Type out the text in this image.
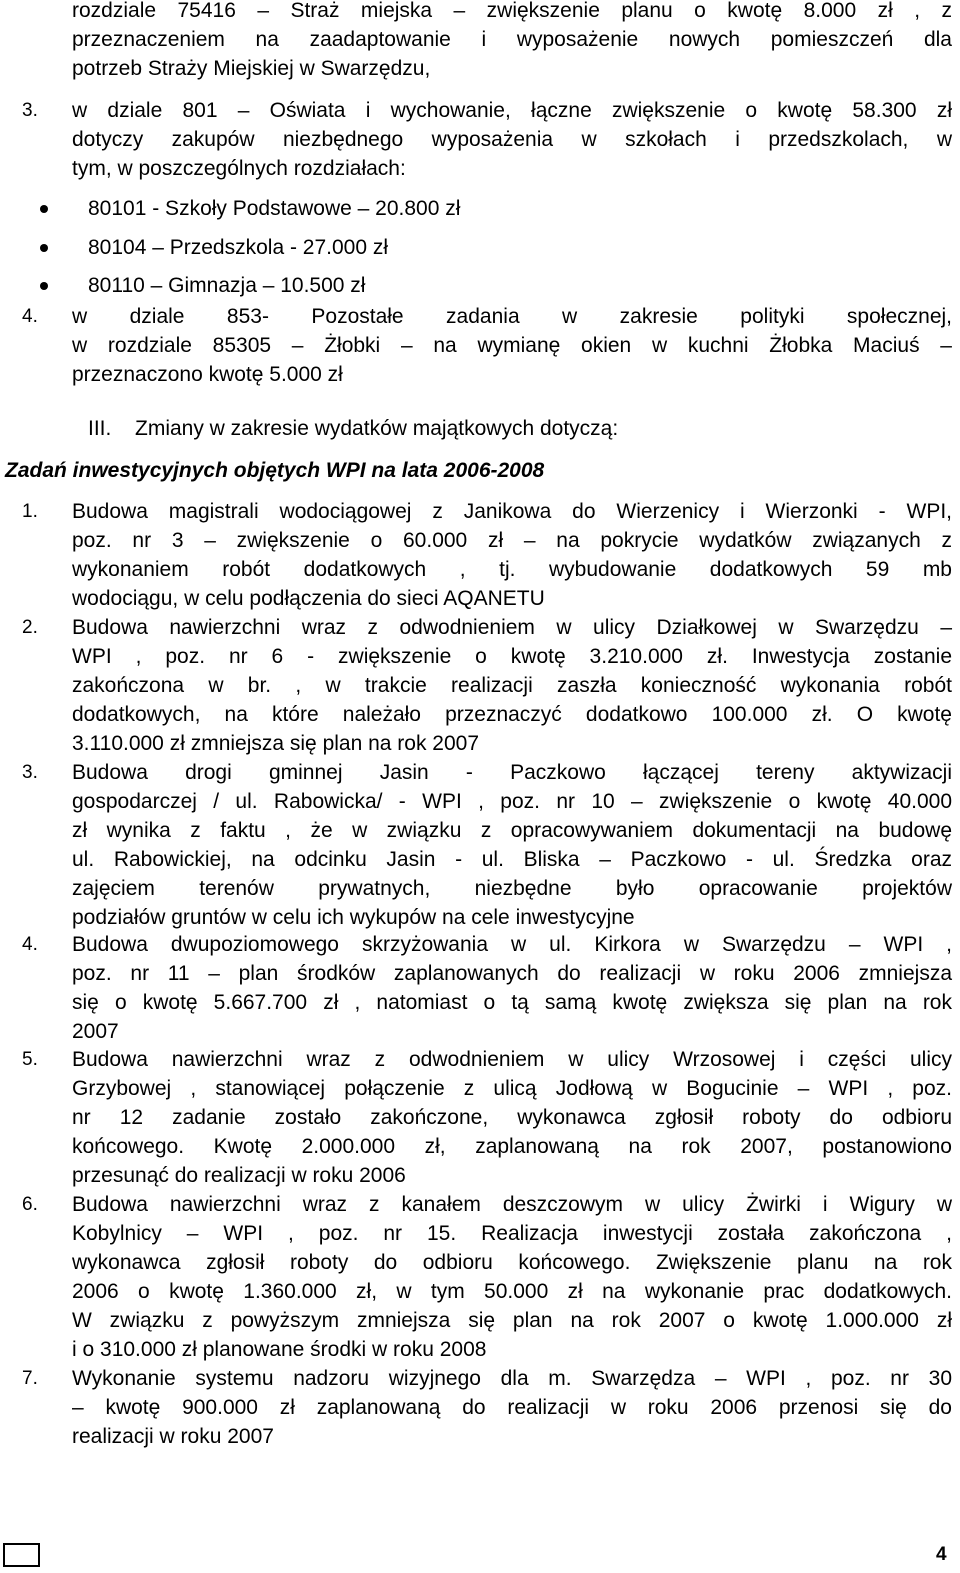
rozdziale 75416 – Straż miejska – zwiększenie planu o kwotę 8.000 zł , z
przeznaczeniem na zaadaptowanie i wyposażenie nowych pomieszczeń dla
potrzeb Straży Miejskiej w Swarzędzu,
3. w dziale 801 – Oświata i wychowanie, łączne zwiększenie o kwotę 58.300 zł
dotyczy zakupów niezbędnego wyposażenia w szkołach i przedszkolach, w
tym, w poszczególnych rozdziałach:
80101 - Szkoły Podstawowe – 20.800 zł
80104 – Przedszkola - 27.000 zł
80110 – Gimnazja – 10.500 zł
4. w dziale 853- Pozostałe zadania w zakresie polityki społecznej,
w rozdziale 85305 – Żłobki – na wymianę okien w kuchni Żłobka Maciuś –
przeznaczono kwotę 5.000 zł
III. Zmiany w zakresie wydatków majątkowych dotyczą:
Zadań inwestycyjnych objętych WPI na lata 2006-2008
1. Budowa magistrali wodociągowej z Janikowa do Wierzenicy i Wierzonki - WPI,
poz. nr 3 – zwiększenie o 60.000 zł – na pokrycie wydatków związanych z
wykonaniem robót dodatkowych , tj. wybudowanie dodatkowych 59 mb
wodociągu, w celu podłączenia do sieci AQANETU
2. Budowa nawierzchni wraz z odwodnieniem w ulicy Działkowej w Swarzędzu –
WPI , poz. nr 6 - zwiększenie o kwotę 3.210.000 zł. Inwestycja zostanie
zakończona w br. , w trakcie realizacji zaszła konieczność wykonania robót
dodatkowych, na które należało przeznaczyć dodatkowo 100.000 zł. O kwotę
3.110.000 zł zmniejsza się plan na rok 2007
3. Budowa drogi gminnej Jasin - Paczkowo łączącej tereny aktywizacji
gospodarczej / ul. Rabowicka/ - WPI , poz. nr 10 – zwiększenie o kwotę 40.000
zł wynika z faktu , że w związku z opracowywaniem dokumentacji na budowę
ul. Rabowickiej, na odcinku Jasin - ul. Bliska – Paczkowo - ul. Średzka oraz
zajęciem terenów prywatnych, niezbędne było opracowanie projektów
podziałów gruntów w celu ich wykupów na cele inwestycyjne
4. Budowa dwupoziomowego skrzyżowania w ul. Kirkora w Swarzędzu – WPI ,
poz. nr 11 – plan środków zaplanowanych do realizacji w roku 2006 zmniejsza
się o kwotę 5.667.700 zł , natomiast o tą samą kwotę zwiększa się plan na rok
2007
5. Budowa nawierzchni wraz z odwodnieniem w ulicy Wrzosowej i części ulicy
Grzybowej , stanowiącej połączenie z ulicą Jodłową w Bogucinie – WPI , poz.
nr 12 zadanie zostało zakończone, wykonawca zgłosił roboty do odbioru
końcowego. Kwotę 2.000.000 zł, zaplanowaną na rok 2007, postanowiono
przesunąć do realizacji w roku 2006
6. Budowa nawierzchni wraz z kanałem deszczowym w ulicy Żwirki i Wigury w
Kobylnicy – WPI , poz. nr 15. Realizacja inwestycji została zakończona ,
wykonawca zgłosił roboty do odbioru końcowego. Zwiększenie planu na rok
2006 o kwotę 1.360.000 zł, w tym 50.000 zł na wykonanie prac dodatkowych.
W związku z powyższym zmniejsza się plan na rok 2007 o kwotę 1.000.000 zł
i o 310.000 zł planowane środki w roku 2008
7. Wykonanie systemu nadzoru wizyjnego dla m. Swarzędza – WPI , poz. nr 30
– kwotę 900.000 zł zaplanowaną do realizacji w roku 2006 przenosi się do
realizacji w roku 2007
4
